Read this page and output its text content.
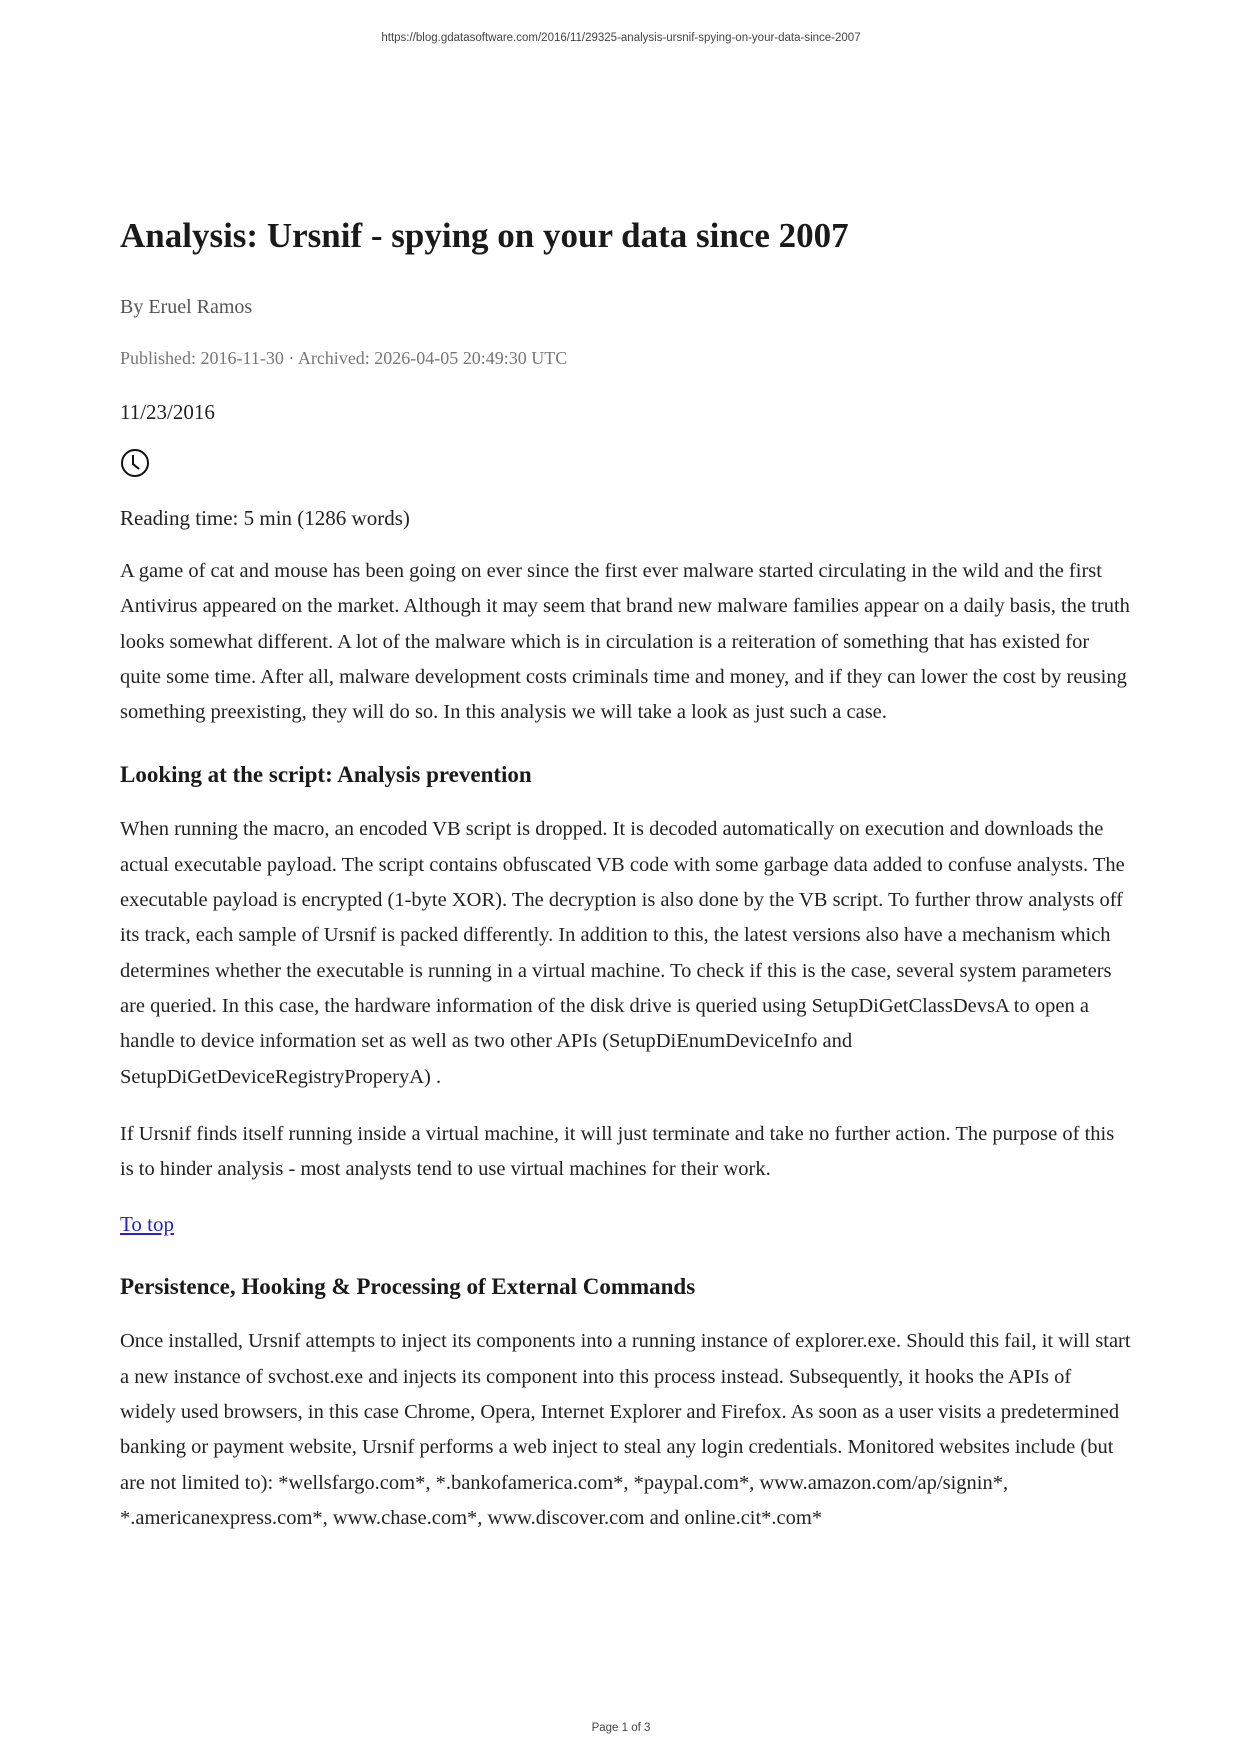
https://blog.gdatasoftware.com/2016/11/29325-analysis-ursnif-spying-on-your-data-since-2007
Analysis: Ursnif - spying on your data since 2007
By Eruel Ramos
Published: 2016-11-30 · Archived: 2026-04-05 20:49:30 UTC
11/23/2016
Reading time: 5 min (1286 words)

A game of cat and mouse has been going on ever since the first ever malware started circulating in the wild and the first Antivirus appeared on the market. Although it may seem that brand new malware families appear on a daily basis, the truth looks somewhat different. A lot of the malware which is in circulation is a reiteration of something that has existed for quite some time. After all, malware development costs criminals time and money, and if they can lower the cost by reusing something preexisting, they will do so. In this analysis we will take a look as just such a case.

Looking at the script: Analysis prevention

When running the macro, an encoded VB script is dropped. It is decoded automatically on execution and downloads the actual executable payload. The script contains obfuscated VB code with some garbage data added to confuse analysts. The executable payload is encrypted (1-byte XOR). The decryption is also done by the VB script. To further throw analysts off its track, each sample of Ursnif is packed differently. In addition to this, the latest versions also have a mechanism which determines whether the executable is running in a virtual machine. To check if this is the case, several system parameters are queried. In this case, the hardware information of the disk drive is queried using SetupDiGetClassDevsA to open a handle to device information set as well as two other APIs (SetupDiEnumDeviceInfo and SetupDiGetDeviceRegistryProperyA) .

If Ursnif finds itself running inside a virtual machine, it will just terminate and take no further action. The purpose of this is to hinder analysis - most analysts tend to use virtual machines for their work.

To top
Persistence, Hooking & Processing of External Commands

Once installed, Ursnif attempts to inject its components into a running instance of explorer.exe. Should this fail, it will start a new instance of svchost.exe and injects its component into this process instead. Subsequently, it hooks the APIs of widely used browsers, in this case Chrome, Opera, Internet Explorer and Firefox. As soon as a user visits a predetermined banking or payment website, Ursnif performs a web inject to steal any login credentials. Monitored websites include (but are not limited to): *wellsfargo.com*, *.bankofamerica.com*, *paypal.com*, www.amazon.com/ap/signin*, *.americanexpress.com*, www.chase.com*, www.discover.com and online.cit*.com*

Page 1 of 3
